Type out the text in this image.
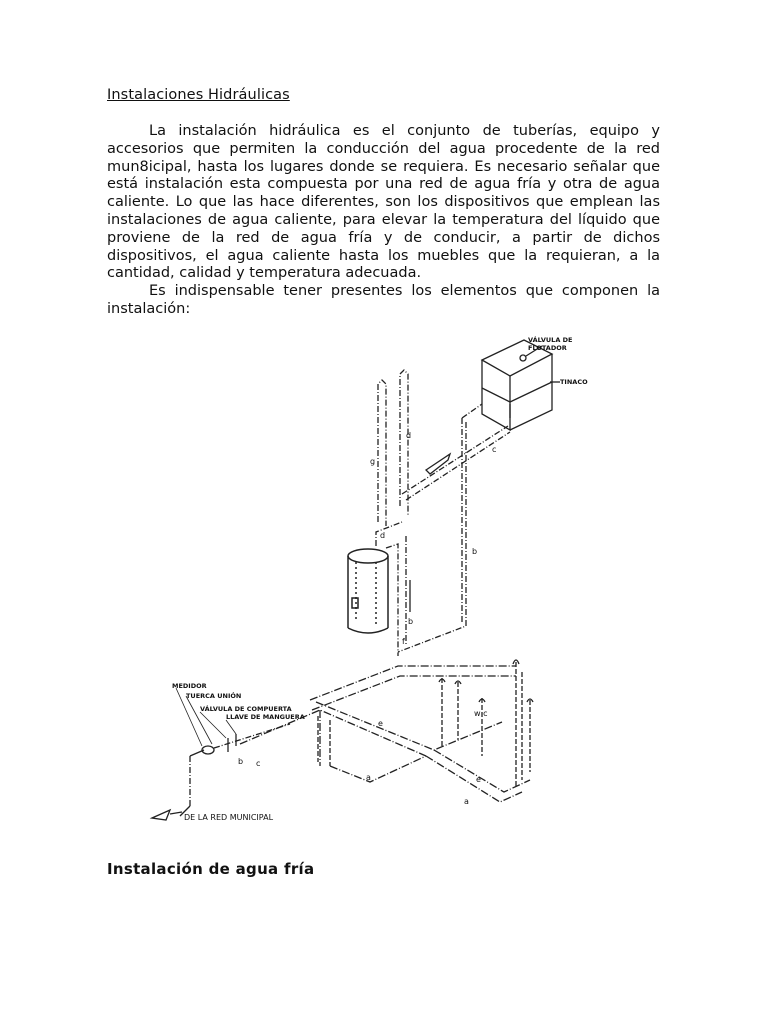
Instalaciones Hidráulicas
La instalación hidráulica es el conjunto de tuberías, equipo y accesorios que permiten la conducción del agua procedente de la red mun8icipal, hasta los lugares donde se requiera. Es necesario señalar que está instalación esta compuesta por una red de agua fría y otra de agua caliente. Lo que las hace diferentes, son los dispositivos que emplean las instalaciones de agua caliente, para elevar la temperatura del líquido que proviene de la red de agua fría y de conducir, a partir de dichos dispositivos, el agua caliente hasta los muebles que la requieran, a la cantidad, calidad y temperatura adecuada.
Es indispensable tener presentes los elementos que componen la instalación:
Instalación de agua fría
VÁLVULA DE
FLOTADOR
TINACO
MEDIDOR
TUERCA UNIÓN
VÁLVULA DE COMPUERTA
LLAVE DE MANGUERA
DE LA RED MUNICIPAL
d
g
c
b
d
b
f
e
e
a
a
c
b
w c
